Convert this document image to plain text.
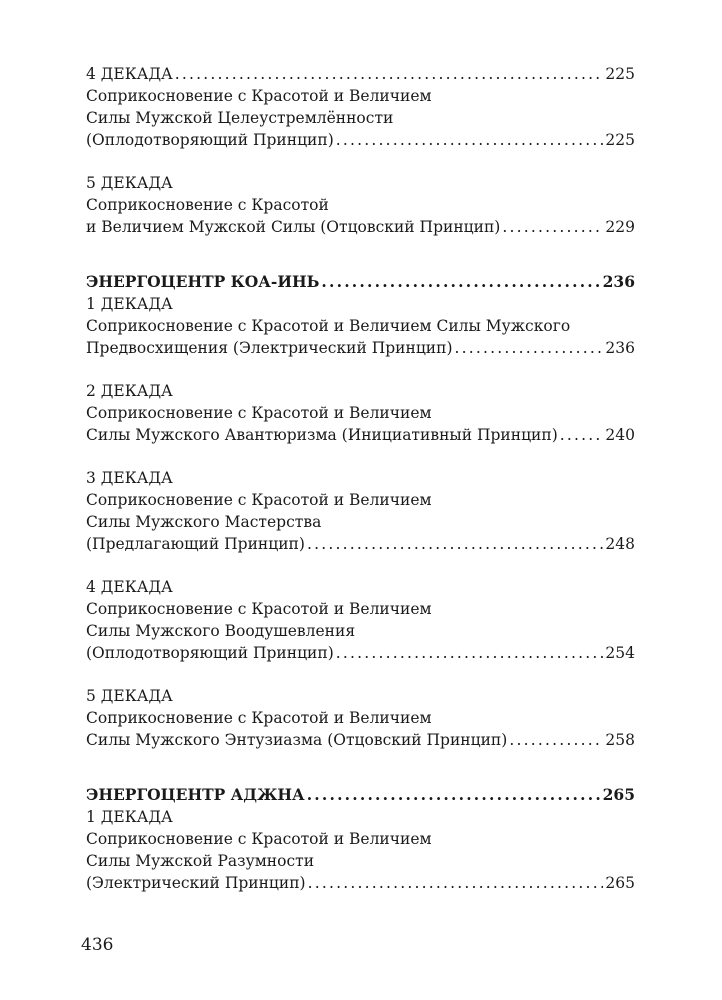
4 ДЕКАДА .....	225
Соприкосновение с Красотой и Величием
Силы Мужской Целеустремлённости
(Оплодотворяющий Принцип) .....	225
5 ДЕКАДА
Соприкосновение с Красотой
и Величием Мужской Силы (Отцовский Принцип) .....	229
ЭНЕРГОЦЕНТР КОА-ИНЬ .....	236
1 ДЕКАДА
Соприкосновение с Красотой и Величием Силы Мужского
Предвосхищения (Электрический Принцип) .....	236
2 ДЕКАДА
Соприкосновение с Красотой и Величием
Силы Мужского Авантюризма (Инициативный Принцип) .....	240
3 ДЕКАДА
Соприкосновение с Красотой и Величием
Силы Мужского Мастерства
(Предлагающий Принцип) .....	248
4 ДЕКАДА
Соприкосновение с Красотой и Величием
Силы Мужского Воодушевления
(Оплодотворяющий Принцип) .....	254
5 ДЕКАДА
Соприкосновение с Красотой и Величием
Силы Мужского Энтузиазма (Отцовский Принцип) .....	258
ЭНЕРГОЦЕНТР АДЖНА .....	265
1 ДЕКАДА
Соприкосновение с Красотой и Величием
Силы Мужской Разумности
(Электрический Принцип) .....	265
436
